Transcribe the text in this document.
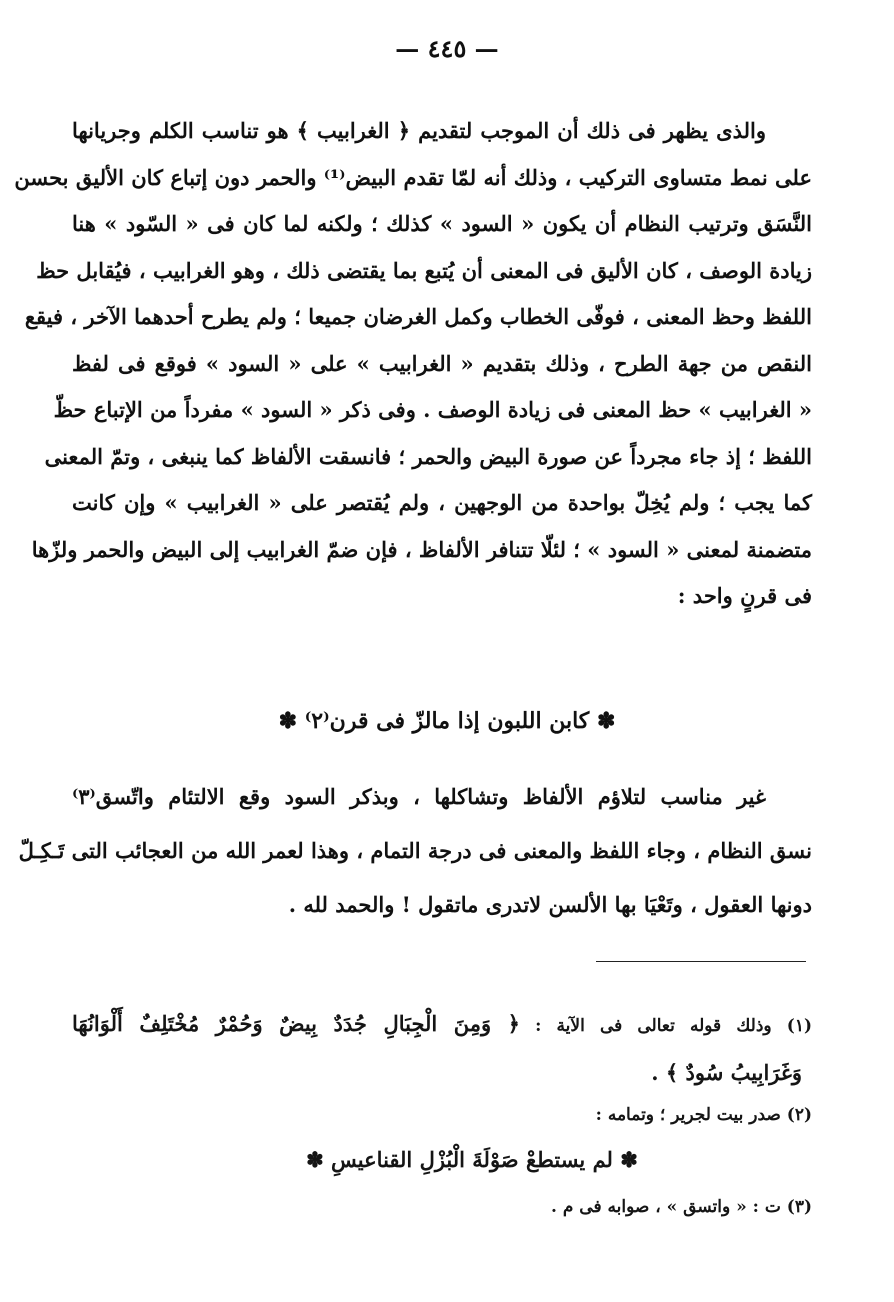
— ٤٤٥ —
والذى يظهر فى ذلك أن الموجب لتقديم ﴿ الغرابيب ﴾ هو تناسب الكلم وجريانها
على نمط متساوى التركيب ، وذلك أنه لمّا تقدم البيض⁽¹⁾ والحمر دون إتباع كان الأليق بحسن
النَّسَق وترتيب النظام أن يكون « السود » كذلك ؛ ولكنه لما كان فى « السّود » هنا
زيادة الوصف ، كان الأليق فى المعنى أن يُتبع بما يقتضى ذلك ، وهو الغرابيب ، فيُقابل حظ
اللفظ وحظ المعنى ، فوفّى الخطاب وكمل الغرضان جميعا ؛ ولم يطرح أحدهما الآخر ، فيقع
النقص من جهة الطرح ، وذلك بتقديم « الغرابيب » على « السود » فوقع فى لفظ
« الغرابيب » حظ المعنى فى زيادة الوصف . وفى ذكر « السود » مفرداً من الإتباع حظّ
اللفظ ؛ إذ جاء مجرداً عن صورة البيض والحمر ؛ فانسقت الألفاظ كما ينبغى ، وتمّ المعنى
كما يجب ؛ ولم يُخِلّ بواحدة من الوجهين ، ولم يُقتصر على « الغرابيب » وإن كانت
متضمنة لمعنى « السود » ؛ لئلّا تتنافر الألفاظ ، فإن ضمّ الغرابيب إلى البيض والحمر ولزّها
فى قرنٍ واحد :
✽ كابن اللبون إذا مالزّ فى قرن⁽٢⁾ ✽
غير مناسب لتلاؤم الألفاظ وتشاكلها ، وبذكر السود وقع الالتئام واتّسق⁽٣⁾
نسق النظام ، وجاء اللفظ والمعنى فى درجة التمام ، وهذا لعمر الله من العجائب التى تَـكِـلّ
دونها العقول ، وتَعْيَا بها الألسن لاتدرى ماتقول ! والحمد لله .
(١) وذلك قوله تعالى فى الآية : ﴿ وَمِنَ الْجِبَالِ جُدَدٌ بِيضٌ وَحُمْرٌ مُخْتَلِفٌ أَلْوَانُهَا
وَغَرَابِيبُ سُودٌ ﴾ .
(٢) صدر بيت لجرير ؛ وتمامه :
✽ لم يستطعْ صَوْلَةَ الْبُزْلِ القناعيسِ ✽
(٣) ت : « واتسق » ، صوابه فى م .
